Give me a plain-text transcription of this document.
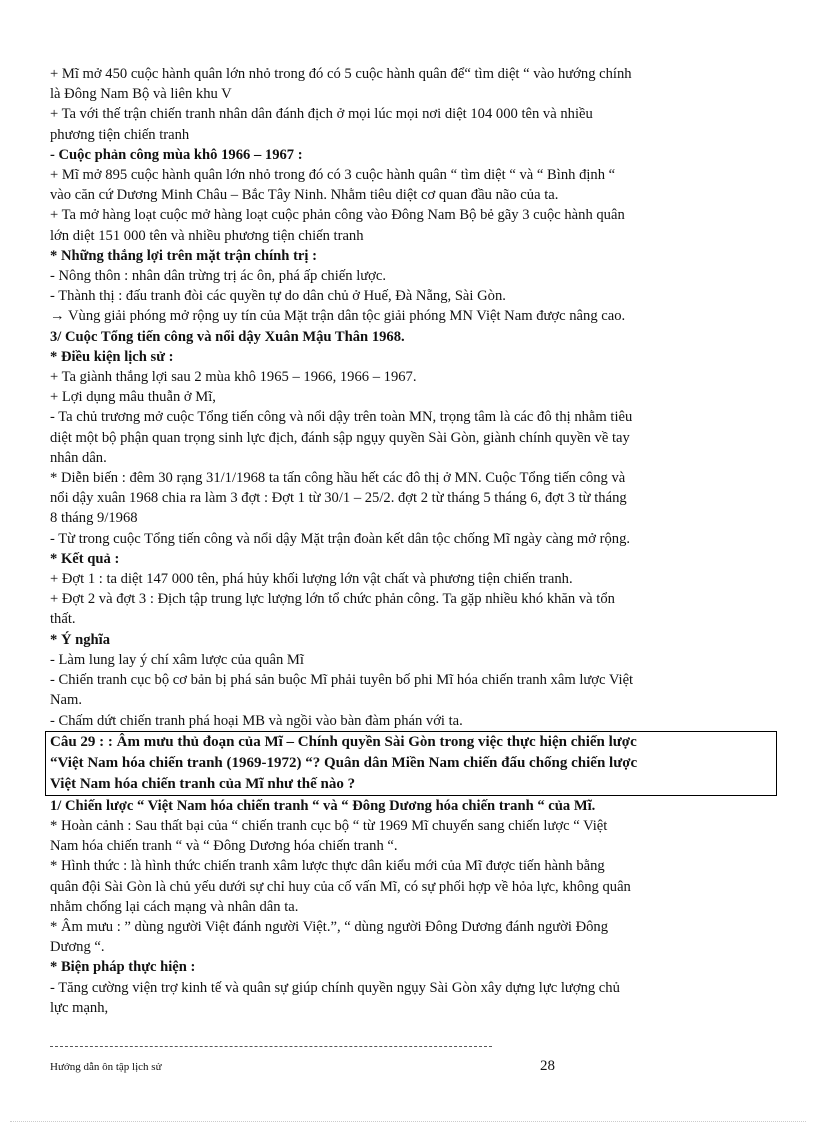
+ Mĩ mở 450 cuộc hành quân lớn nhỏ trong đó có 5 cuộc hành quân để“ tìm diệt “ vào hướng chính
là Đông Nam Bộ và liên khu V
+ Ta với thế trận chiến tranh nhân dân đánh địch ở mọi lúc mọi nơi diệt 104 000 tên và nhiều
phương tiện chiến tranh
- Cuộc phản công mùa khô 1966 – 1967 :
+ Mĩ mở 895 cuộc hành quân lớn nhỏ trong đó có 3 cuộc hành quân “ tìm diệt “ và “ Bình định “
vào căn cứ Dương Minh Châu – Bắc Tây Ninh. Nhằm tiêu diệt cơ quan đầu não của ta.
+ Ta mở hàng loạt cuộc mở hàng loạt cuộc phản công vào Đông Nam Bộ bẻ gãy 3 cuộc hành quân
lớn diệt 151 000 tên và nhiều phương tiện chiến tranh
* Những thắng lợi trên mặt trận chính trị :
- Nông thôn : nhân dân trừng trị ác ôn, phá ấp chiến lược.
- Thành thị : đấu tranh đòi các quyền tự do dân chủ ở Huế, Đà Nẵng, Sài Gòn.
→ Vùng giải phóng mở rộng uy tín của Mặt trận dân tộc giải phóng MN Việt Nam được nâng cao.
3/ Cuộc Tổng tiến công và nổi dậy Xuân Mậu Thân 1968.
* Điều kiện lịch sử :
+ Ta giành thắng lợi sau 2 mùa khô 1965 – 1966, 1966 – 1967.
+ Lợi dụng mâu thuẫn ở Mĩ,
- Ta chủ trương mở cuộc Tổng tiến công và nổi dậy trên toàn MN, trọng tâm là các đô thị nhằm tiêu
diệt một bộ phận quan trọng sinh lực địch, đánh sập ngụy quyền Sài Gòn, giành chính quyền về tay
nhân dân.
* Diễn biến : đêm 30 rạng 31/1/1968 ta tấn công hầu hết các đô thị ở MN. Cuộc Tổng tiến công và
nổi dậy xuân 1968 chia ra làm 3 đợt : Đợt 1 từ 30/1 – 25/2. đợt 2 từ tháng 5 tháng 6, đợt 3 từ tháng
8 tháng 9/1968
- Từ trong cuộc Tổng tiến công và nổi dậy Mặt trận đoàn kết dân tộc chống Mĩ ngày càng mở rộng.
* Kết quả :
+ Đợt 1 : ta diệt 147 000 tên, phá hủy khối lượng lớn vật chất và phương tiện chiến tranh.
+ Đợt 2 và đợt 3 : Địch tập trung lực lượng lớn tổ chức phản công. Ta gặp nhiều khó khăn và tổn
thất.
* Ý nghĩa
- Làm lung lay ý chí xâm lược của quân Mĩ
- Chiến tranh cục bộ cơ bản bị phá sản buộc Mĩ phải tuyên bố phi Mĩ hóa chiến tranh xâm lược Việt
Nam.
- Chấm dứt chiến tranh phá hoại MB và ngồi vào bàn đàm phán với ta.
Câu 29 : : Âm mưu thủ đoạn của Mĩ – Chính quyền Sài Gòn trong việc thực hiện chiến lược
“Việt Nam hóa chiến tranh (1969-1972) “? Quân dân Miền Nam chiến đấu chống chiến lược
Việt Nam hóa chiến tranh của Mĩ như thế nào ?
1/ Chiến lược “ Việt Nam hóa chiến tranh “ và “ Đông Dương hóa chiến tranh “ của Mĩ.
* Hoàn cảnh : Sau thất bại của “ chiến tranh cục bộ “ từ 1969 Mĩ chuyển sang chiến lược “ Việt
Nam hóa chiến tranh “ và “ Đông Dương hóa chiến tranh “.
* Hình thức : là hình thức chiến tranh xâm lược thực dân kiểu mới của Mĩ được tiến hành bằng
quân đội Sài Gòn là chủ yếu dưới sự chỉ huy của cố vấn Mĩ, có sự phối hợp về hỏa lực, không quân
nhằm chống lại cách mạng và nhân dân ta.
* Âm mưu : ” dùng người Việt đánh người Việt.”, “ dùng người Đông Dương đánh người Đông
Dương “.
* Biện pháp thực hiện :
- Tăng cường viện trợ kinh tế và quân sự giúp chính quyền ngụy Sài Gòn xây dựng lực lượng chủ
lực mạnh,
Hướng dẫn ôn tập lịch sử	28
